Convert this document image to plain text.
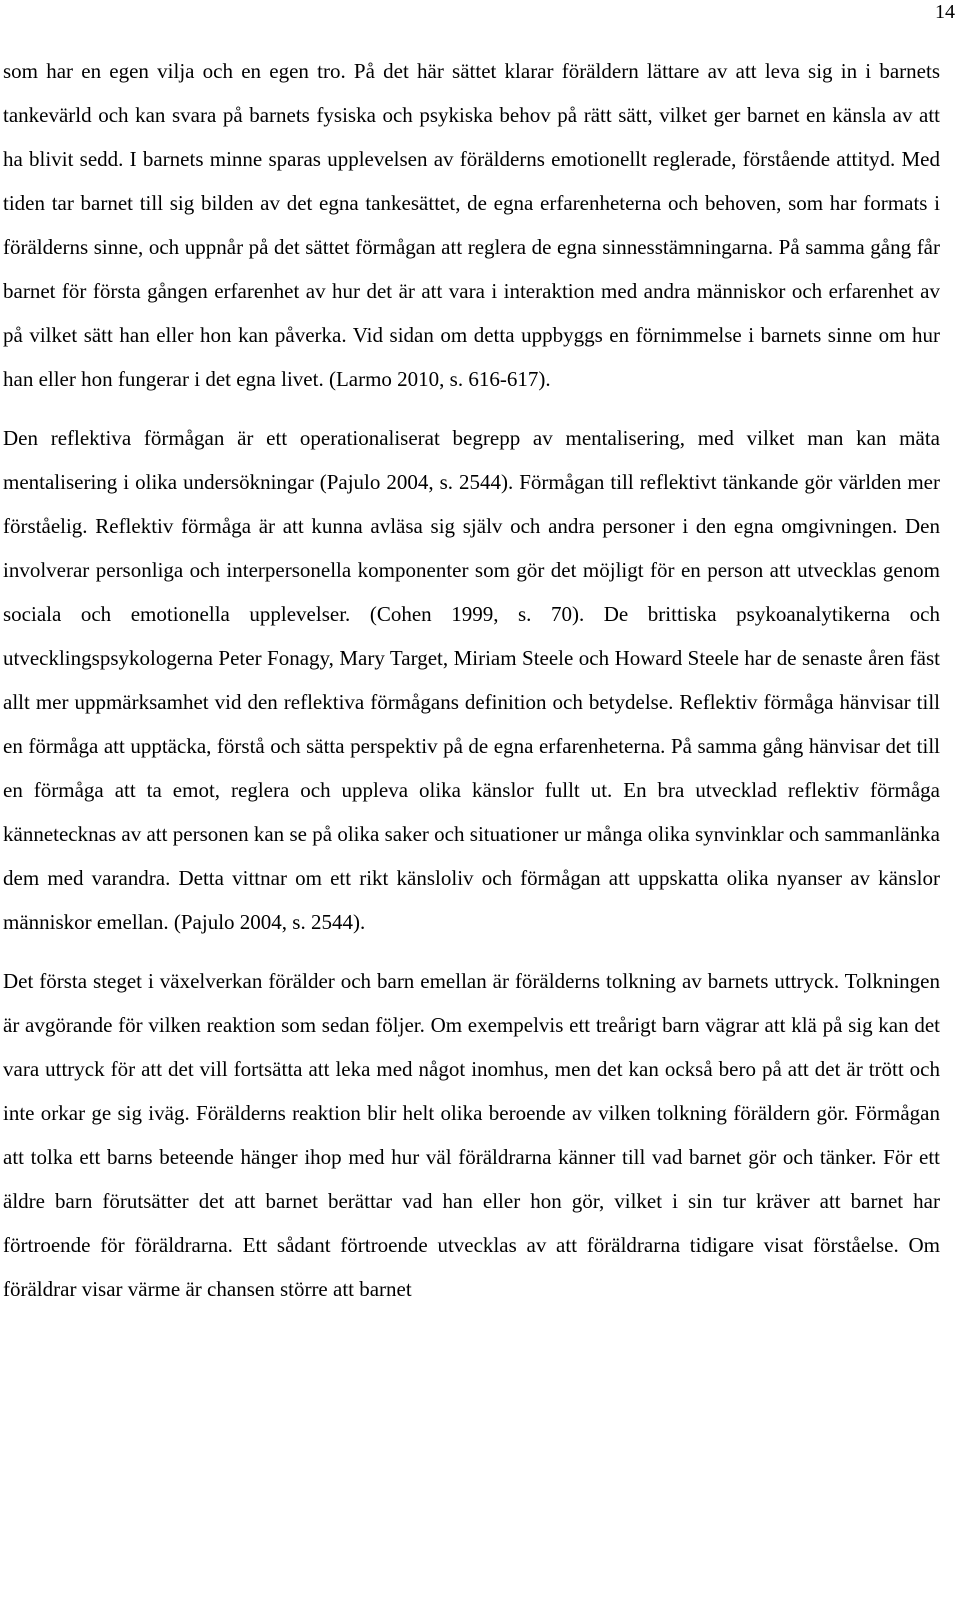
14

som har en egen vilja och en egen tro. På det här sättet klarar föräldern lättare av att leva sig in i barnets tankevärld och kan svara på barnets fysiska och psykiska behov på rätt sätt, vilket ger barnet en känsla av att ha blivit sedd. I barnets minne sparas upplevelsen av förälderns emotionellt reglerade, förstående attityd. Med tiden tar barnet till sig bilden av det egna tankesättet, de egna erfarenheterna och behoven, som har formats i förälderns sinne, och uppnår på det sättet förmågan att reglera de egna sinnesstämningarna. På samma gång får barnet för första gången erfarenhet av hur det är att vara i interaktion med andra människor och erfarenhet av på vilket sätt han eller hon kan påverka. Vid sidan om detta uppbyggs en förnimmelse i barnets sinne om hur han eller hon fungerar i det egna livet. (Larmo 2010, s. 616-617).

Den reflektiva förmågan är ett operationaliserat begrepp av mentalisering, med vilket man kan mäta mentalisering i olika undersökningar (Pajulo 2004, s. 2544). Förmågan till reflektivt tänkande gör världen mer förståelig. Reflektiv förmåga är att kunna avläsa sig själv och andra personer i den egna omgivningen. Den involverar personliga och interpersonella komponenter som gör det möjligt för en person att utvecklas genom sociala och emotionella upplevelser. (Cohen 1999, s. 70). De brittiska psykoanalytikerna och utvecklingspsykologerna Peter Fonagy, Mary Target, Miriam Steele och Howard Steele har de senaste åren fäst allt mer uppmärksamhet vid den reflektiva förmågans definition och betydelse. Reflektiv förmåga hänvisar till en förmåga att upptäcka, förstå och sätta perspektiv på de egna erfarenheterna. På samma gång hänvisar det till en förmåga att ta emot, reglera och uppleva olika känslor fullt ut. En bra utvecklad reflektiv förmåga kännetecknas av att personen kan se på olika saker och situationer ur många olika synvinklar och sammanlänka dem med varandra. Detta vittnar om ett rikt känsloliv och förmågan att uppskatta olika nyanser av känslor människor emellan. (Pajulo 2004, s. 2544).

Det första steget i växelverkan förälder och barn emellan är förälderns tolkning av barnets uttryck. Tolkningen är avgörande för vilken reaktion som sedan följer. Om exempelvis ett treårigt barn vägrar att klä på sig kan det vara uttryck för att det vill fortsätta att leka med något inomhus, men det kan också bero på att det är trött och inte orkar ge sig iväg. Förälderns reaktion blir helt olika beroende av vilken tolkning föräldern gör. Förmågan att tolka ett barns beteende hänger ihop med hur väl föräldrarna känner till vad barnet gör och tänker. För ett äldre barn förutsätter det att barnet berättar vad han eller hon gör, vilket i sin tur kräver att barnet har förtroende för föräldrarna. Ett sådant förtroende utvecklas av att föräldrarna tidigare visat förståelse. Om föräldrar visar värme är chansen större att barnet
